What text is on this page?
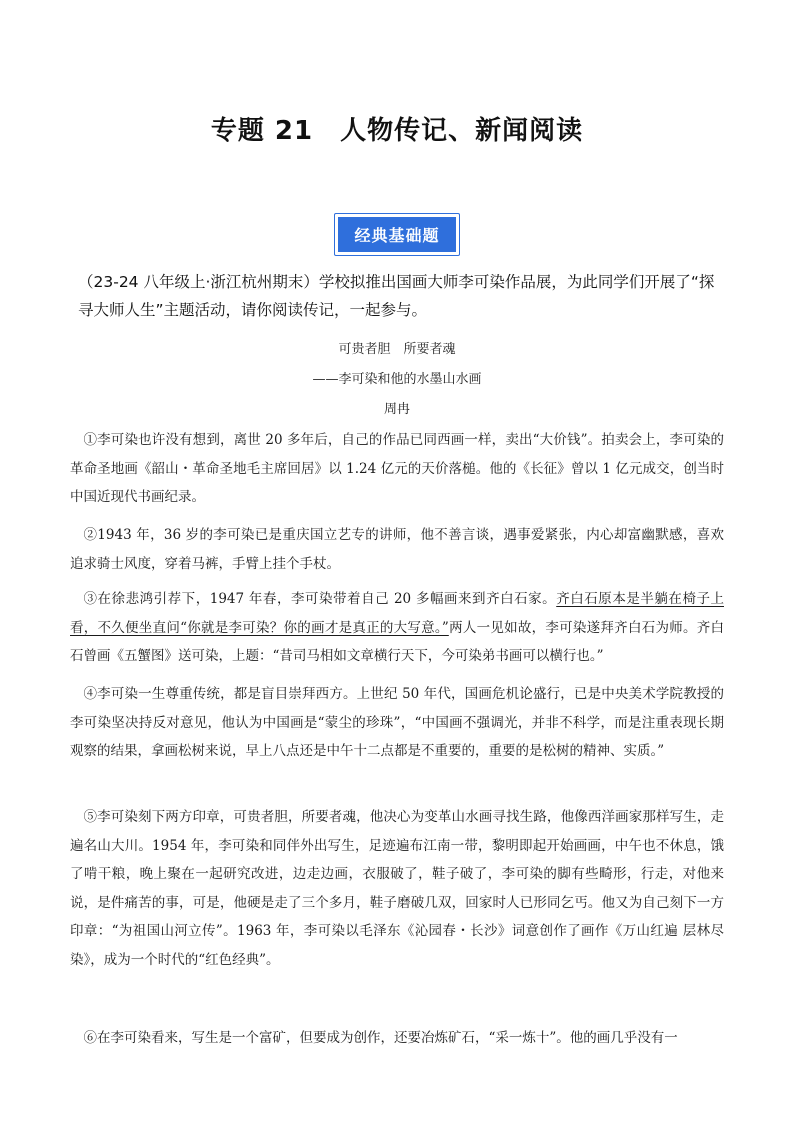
专题 21　人物传记、新闻阅读
经典基础题
（23-24 八年级上·浙江杭州期末）学校拟推出国画大师李可染作品展，为此同学们开展了“探寻大师人生”主题活动，请你阅读传记，一起参与。
可贵者胆　所要者魂
——李可染和他的水墨山水画
周冉
①李可染也许没有想到，离世 20 多年后，自己的作品已同西画一样，卖出“大价钱”。拍卖会上，李可染的革命圣地画《韶山・革命圣地毛主席回居》以 1.24 亿元的天价落槌。他的《长征》曾以 1 亿元成交，创当时中国近现代书画纪录。
②1943 年，36 岁的李可染已是重庆国立艺专的讲师，他不善言谈，遇事爱紧张，内心却富幽默感，喜欢追求骑士风度，穿着马裤，手臂上挂个手杖。
③在徐悲鸿引荐下，1947 年春，李可染带着自己 20 多幅画来到齐白石家。齐白石原本是半躺在椅子上看，不久便坐直问“你就是李可染？你的画才是真正的大写意。”两人一见如故，李可染遂拜齐白石为师。齐白石曾画《五蟹图》送可染，上题：“昔司马相如文章横行天下，今可染弟书画可以横行也。”
④李可染一生尊重传统，都是盲目崇拜西方。上世纪 50 年代，国画危机论盛行，已是中央美术学院教授的李可染坚决持反对意见，他认为中国画是“蒙尘的珍珠”，“中国画不强调光，并非不科学，而是注重表现长期观察的结果，拿画松树来说，早上八点还是中午十二点都是不重要的，重要的是松树的精神、实质。”
⑤李可染刻下两方印章，可贵者胆，所要者魂，他决心为变革山水画寻找生路，他像西洋画家那样写生，走遍名山大川。1954 年，李可染和同伴外出写生，足迹遍布江南一带，黎明即起开始画画，中午也不休息，饿了啃干粮，晚上聚在一起研究改进，边走边画，衣服破了，鞋子破了，李可染的脚有些畸形，行走，对他来说，是件痛苦的事，可是，他硬是走了三个多月，鞋子磨破几双，回家时人已形同乞丐。他又为自己刻下一方印章：“为祖国山河立传”。1963 年，李可染以毛泽东《沁园春・长沙》词意创作了画作《万山红遍 层林尽染》，成为一个时代的“红色经典”。
⑥在李可染看来，写生是一个富矿，但要成为创作，还要冶炼矿石，“采一炼十”。他的画几乎没有一
